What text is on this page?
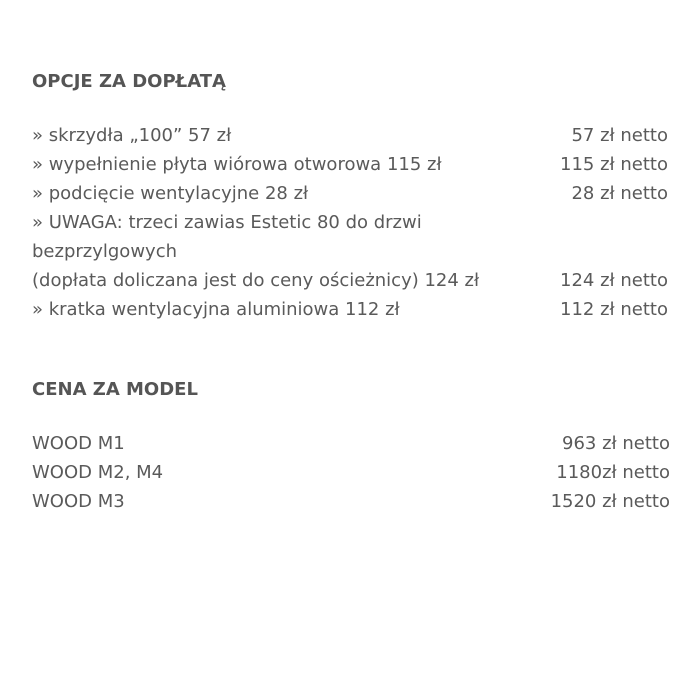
OPCJE ZA DOPŁATĄ
» skrzydła „100” 57 zł	57 zł netto
» wypełnienie płyta wiórowa otworowa 115 zł	115 zł netto
» podcięcie wentylacyjne 28 zł	28 zł netto
» UWAGA: trzeci zawias Estetic 80 do drzwi
bezprzylgowych
(dopłata doliczana jest do ceny ościeżnicy) 124 zł	124 zł netto
» kratka wentylacyjna aluminiowa 112 zł	112 zł netto
CENA ZA MODEL
WOOD M1	963 zł netto
WOOD M2, M4	1180zł netto
WOOD M3	1520 zł netto
